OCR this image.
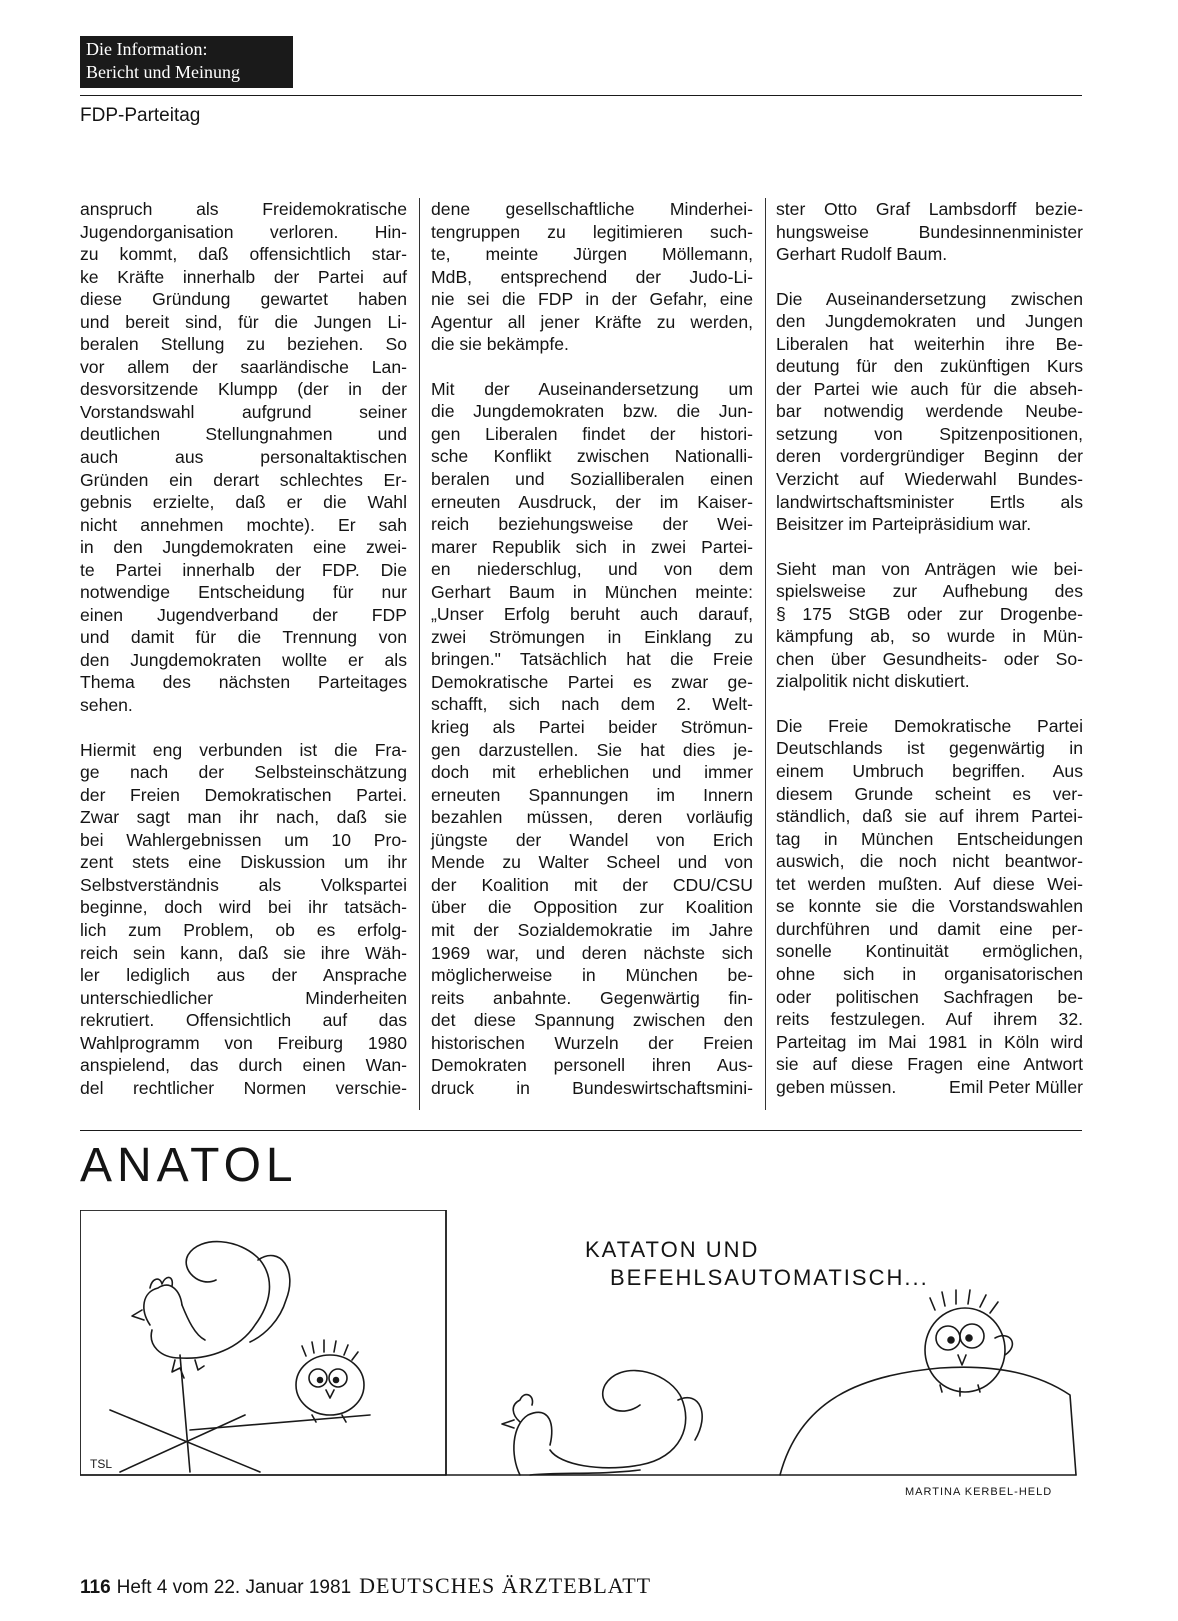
Die Information:
Bericht und Meinung
FDP-Parteitag

anspruch als Freidemokratische

Jugendorganisation verloren. Hin-

zu kommt, daß offensichtlich star-

ke Kräfte innerhalb der Partei auf

diese Gründung gewartet haben

und bereit sind, für die Jungen Li-

beralen Stellung zu beziehen. So

vor allem der saarländische Lan-

desvorsitzende Klumpp (der in der

Vorstandswahl aufgrund seiner

deutlichen Stellungnahmen und

auch aus personaltaktischen

Gründen ein derart schlechtes Er-

gebnis erzielte, daß er die Wahl

nicht annehmen mochte). Er sah

in den Jungdemokraten eine zwei-

te Partei innerhalb der FDP. Die

notwendige Entscheidung für nur

einen Jugendverband der FDP

und damit für die Trennung von

den Jungdemokraten wollte er als

Thema des nächsten Parteitages

sehen.

Hiermit eng verbunden ist die Fra-

ge nach der Selbsteinschätzung

der Freien Demokratischen Partei.

Zwar sagt man ihr nach, daß sie

bei Wahlergebnissen um 10 Pro-

zent stets eine Diskussion um ihr

Selbstverständnis als Volkspartei

beginne, doch wird bei ihr tatsäch-

lich zum Problem, ob es erfolg-

reich sein kann, daß sie ihre Wäh-

ler lediglich aus der Ansprache

unterschiedlicher Minderheiten

rekrutiert. Offensichtlich auf das

Wahlprogramm von Freiburg 1980

anspielend, das durch einen Wan-

del rechtlicher Normen verschie-

dene gesellschaftliche Minderhei-

tengruppen zu legitimieren such-

te, meinte Jürgen Möllemann,

MdB, entsprechend der Judo-Li-

nie sei die FDP in der Gefahr, eine

Agentur all jener Kräfte zu werden,

die sie bekämpfe.

Mit der Auseinandersetzung um

die Jungdemokraten bzw. die Jun-

gen Liberalen findet der histori-

sche Konflikt zwischen Nationalli-

beralen und Sozialliberalen einen

erneuten Ausdruck, der im Kaiser-

reich beziehungsweise der Wei-

marer Republik sich in zwei Partei-

en niederschlug, und von dem

Gerhart Baum in München meinte:

„Unser Erfolg beruht auch darauf,

zwei Strömungen in Einklang zu

bringen." Tatsächlich hat die Freie

Demokratische Partei es zwar ge-

schafft, sich nach dem 2. Welt-

krieg als Partei beider Strömun-

gen darzustellen. Sie hat dies je-

doch mit erheblichen und immer

erneuten Spannungen im Innern

bezahlen müssen, deren vorläufig

jüngste der Wandel von Erich

Mende zu Walter Scheel und von

der Koalition mit der CDU/CSU

über die Opposition zur Koalition

mit der Sozialdemokratie im Jahre

1969 war, und deren nächste sich

möglicherweise in München be-

reits anbahnte. Gegenwärtig fin-

det diese Spannung zwischen den

historischen Wurzeln der Freien

Demokraten personell ihren Aus-

druck in Bundeswirtschaftsmini-

ster Otto Graf Lambsdorff bezie-

hungsweise Bundesinnenminister

Gerhart Rudolf Baum.

Die Auseinandersetzung zwischen

den Jungdemokraten und Jungen

Liberalen hat weiterhin ihre Be-

deutung für den zukünftigen Kurs

der Partei wie auch für die abseh-

bar notwendig werdende Neube-

setzung von Spitzenpositionen,

deren vordergründiger Beginn der

Verzicht auf Wiederwahl Bundes-

landwirtschaftsminister Ertls als

Beisitzer im Parteipräsidium war.

Sieht man von Anträgen wie bei-

spielsweise zur Aufhebung des

§ 175 StGB oder zur Drogenbe-

kämpfung ab, so wurde in Mün-

chen über Gesundheits- oder So-

zialpolitik nicht diskutiert.

Die Freie Demokratische Partei

Deutschlands ist gegenwärtig in

einem Umbruch begriffen. Aus

diesem Grunde scheint es ver-

ständlich, daß sie auf ihrem Partei-

tag in München Entscheidungen

auswich, die noch nicht beantwor-

tet werden mußten. Auf diese Wei-

se konnte sie die Vorstandswahlen

durchführen und damit eine per-

sonelle Kontinuität ermöglichen,

ohne sich in organisatorischen

oder politischen Sachfragen be-

reits festzulegen. Auf ihrem 32.

Parteitag im Mai 1981 in Köln wird

sie auf diese Fragen eine Antwort

geben müssen.	Emil Peter Müller

ANATOL
TSL
KATATON UND
BEFEHLSAUTOMATISCH...
MARTINA KERBEL-HELD
116 Heft 4 vom 22. Januar 1981 DEUTSCHES ÄRZTEBLATT
